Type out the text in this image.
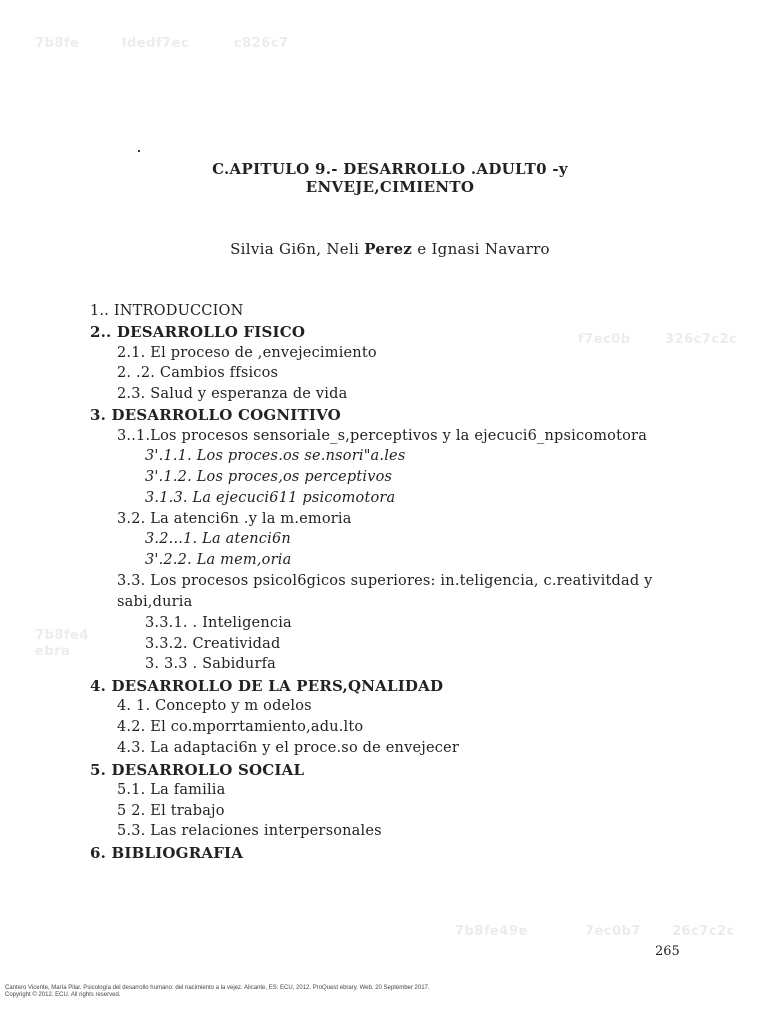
7b8fe	ldedf7ec	c826c7
f7ec0b	326c7c2c
7b8fe4
ebra
7b8fe49e	7ec0b7 26c7c2c
C.APITULO 9.- DESARROLLO .ADULT0 -y
ENVEJE,CIMIENTO
Silvia Gi6n, Neli Perez e Ignasi Navarro
1.. INTRODUCCION
2.. DESARROLLO FISICO
2.1. El proceso de ,envejecimiento
2. .2. Cambios ffsicos
2.3. Salud y esperanza de vida
3. DESARROLLO COGNITIVO
3..1.Los procesos sensoriale_s,perceptivos y la ejecuci6_npsicomotora
3'.1.1. Los proces.os se.nsori"a.les
3'.1.2. Los proces,os perceptivos
3.1.3. La ejecuci611 psicomotora
3.2. La atenci6n .y la m.emoria
3.2...1. La atenci6n
3'.2.2. La mem,oria
3.3. Los procesos psicol6gicos superiores: in.teligencia, c.reativitdad y
sabi,duria
3.3.1. . Inteligencia
3.3.2. Creatividad
3. 3.3 . Sabidurfa
4. DESARROLLO DE LA PERS,QNALIDAD
4. 1. Concepto y m odelos
4.2. El co.mporrtamiento,adu.lto
4.3. La adaptaci6n y el proce.so de envejecer
5. DESARROLLO SOCIAL
5.1. La familia
5 2. El trabajo
5.3. Las relaciones interpersonales
6. BIBLIOGRAFIA
265
Cantero Vicente, María Pilar. Psicología del desarrollo humano: del nacimiento a la vejez. Alicante, ES: ECU, 2012. ProQuest ebrary. Web. 20 September 2017.
Copyright © 2012. ECU. All rights reserved.
